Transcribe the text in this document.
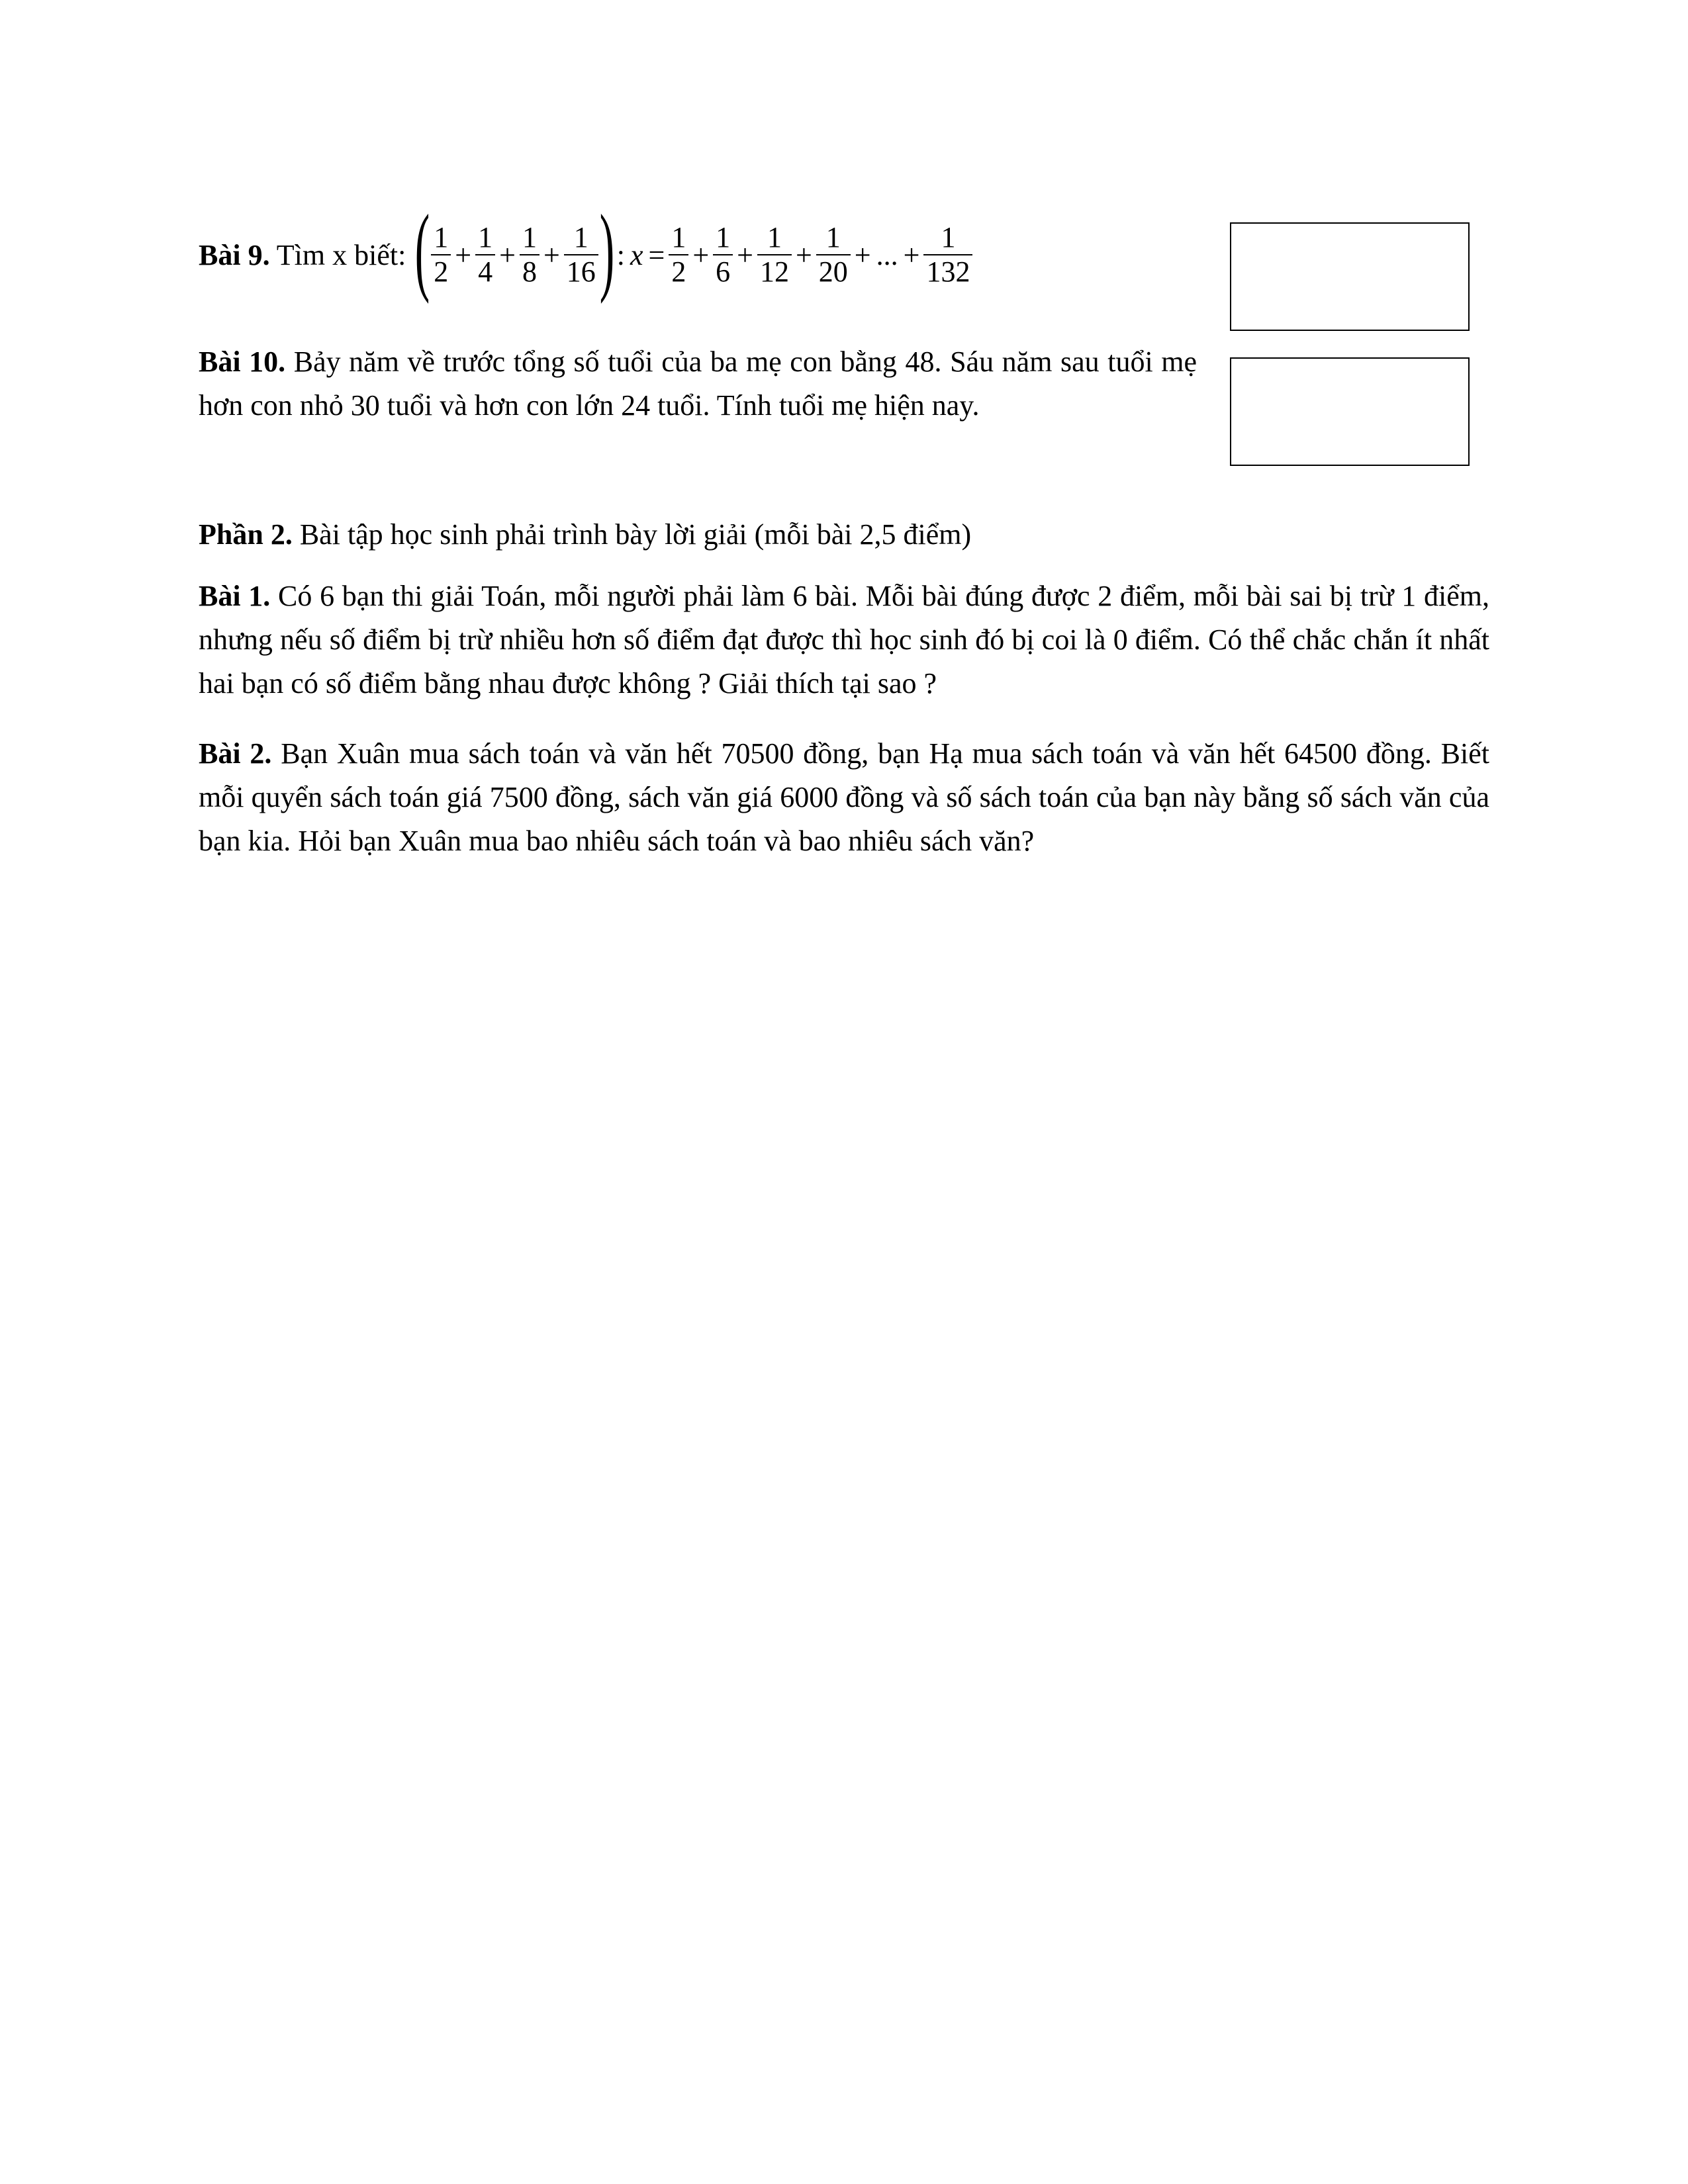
Bài 9. Tìm x biết: ( $\frac{1}{2} + \frac{1}{4} + \frac{1}{8} + \frac{1}{16}$ ) : $x = \frac{1}{2} + \frac{1}{6} + \frac{1}{12} + \frac{1}{20}$ + ... + $\frac{1}{132}$
Bài 10. Bảy năm về trước tổng số tuổi của ba mẹ con bằng 48. Sáu năm sau tuổi mẹ hơn con nhỏ 30 tuổi và hơn con lớn 24 tuổi. Tính tuổi mẹ hiện nay.
Phần 2. Bài tập học sinh phải trình bày lời giải (mỗi bài 2,5 điểm)
Bài 1. Có 6 bạn thi giải Toán, mỗi người phải làm 6 bài. Mỗi bài đúng được 2 điểm, mỗi bài sai bị trừ 1 điểm, nhưng nếu số điểm bị trừ nhiều hơn số điểm đạt được thì học sinh đó bị coi là 0 điểm. Có thể chắc chắn ít nhất hai bạn có số điểm bằng nhau được không ? Giải thích tại sao ?
Bài 2. Bạn Xuân mua sách toán và văn hết 70500 đồng, bạn Hạ mua sách toán và văn hết 64500 đồng. Biết mỗi quyển sách toán giá 7500 đồng, sách văn giá 6000 đồng và số sách toán của bạn này bằng số sách văn của bạn kia. Hỏi bạn Xuân mua bao nhiêu sách toán và bao nhiêu sách văn?
